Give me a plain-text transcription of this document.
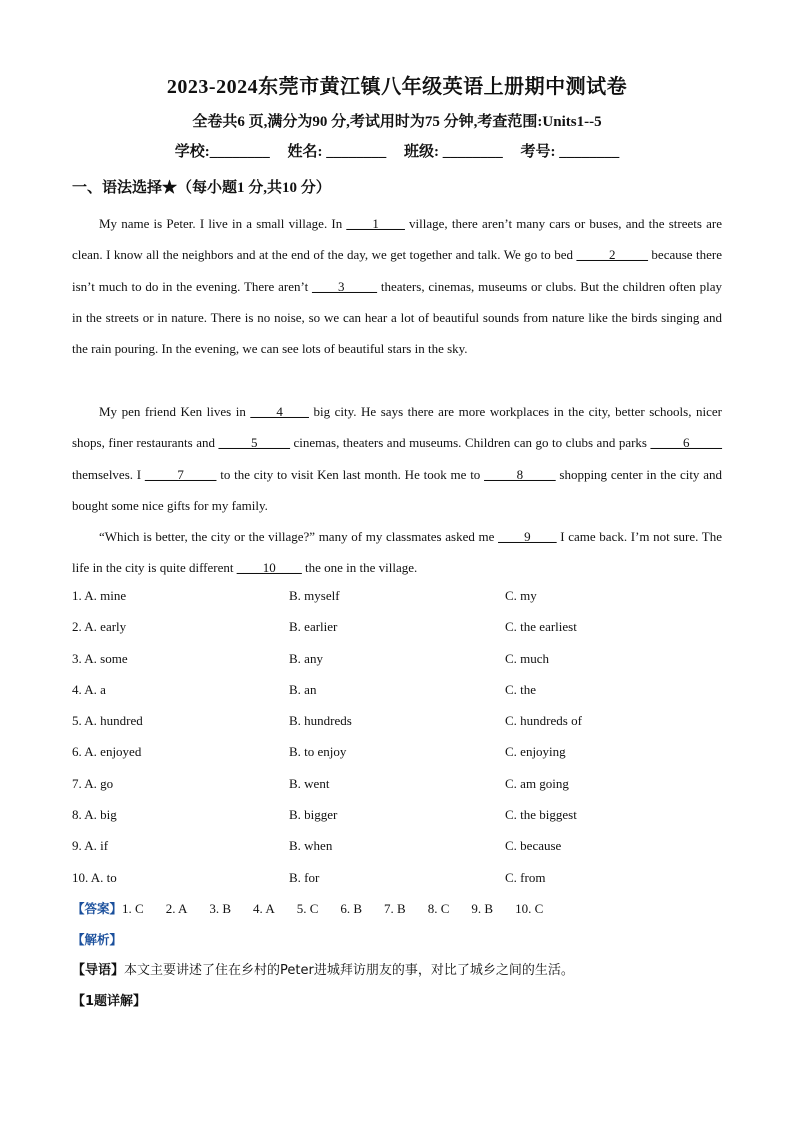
2023-2024东莞市黄江镇八年级英语上册期中测试卷
全卷共6 页,满分为90 分,考试用时为75 分钟,考查范围:Units1--5
学校:________ 姓名: ________ 班级: ________ 考号: ________
一、语法选择★（每小题1 分,共10 分）
My name is Peter. I live in a small village. In ____1____ village, there aren’t many cars or buses, and the streets are clean. I know all the neighbors and at the end of the day, we get together and talk. We go to bed _____2_____ because there isn’t much to do in the evening. There aren’t ____3_____ theaters, cinemas, museums or clubs. But the children often play in the streets or in nature. There is no noise, so we can hear a lot of beautiful sounds from nature like the birds singing and the rain pouring. In the evening, we can see lots of beautiful stars in the sky.
My pen friend Ken lives in ____4____ big city. He says there are more workplaces in the city, better schools, nicer shops, finer restaurants and _____5_____ cinemas, theaters and museums. Children can go to clubs and parks _____6_____ themselves. I _____7_____ to the city to visit Ken last month. He took me to _____8_____ shopping center in the city and bought some nice gifts for my family.
“Which is better, the city or the village?” many of my classmates asked me ____9____ I came back. I’m not sure. The life in the city is quite different ____10____ the one in the village.
1. A. mine	B. myself	C. my
2. A. early	B. earlier	C. the earliest
3. A. some	B. any	C. much
4. A. a	B. an	C. the
5. A. hundred	B. hundreds	C. hundreds of
6. A. enjoyed	B. to enjoy	C. enjoying
7. A. go	B. went	C. am going
8. A. big	B. bigger	C. the biggest
9. A. if	B. when	C. because
10. A. to	B. for	C. from
【答案】1. C 2. A 3. B 4. A 5. C 6. B 7. B 8. C 9. B 10. C
【解析】
【导语】本文主要讲述了住在乡村的Peter进城拜访朋友的事，对比了城乡之间的生活。
【1题详解】
